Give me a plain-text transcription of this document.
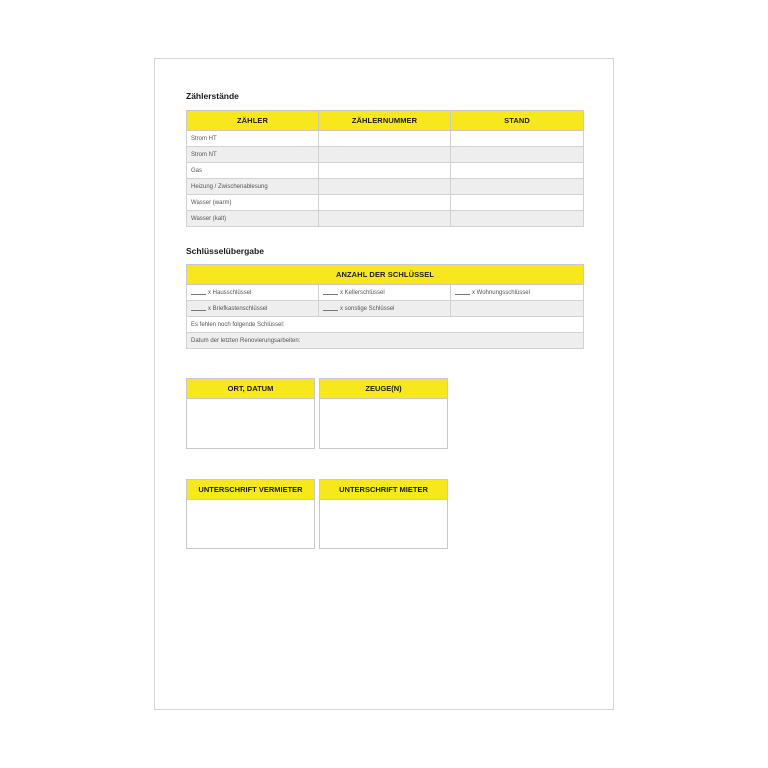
Zählerstände
ZÄHLER	ZÄHLERNUMMER	STAND
Strom HT		
Strom NT		
Gas		
Heizung / Zwischenablesung		
Wasser (warm)		
Wasser (kalt)		
Schlüsselübergabe
ANZAHL DER SCHLÜSSEL		
x Hausschlüssel	x Kellerschlüssel	x Wohnungsschlüssel
x Briefkastenschlüssel	x sonstige Schlüssel	
Es fehlen noch folgende Schlüssel:		
Datum der letzten Renovierungsarbeiten:		
ORT, DATUM	ZEUGE(N)
UNTERSCHRIFT VERMIETER	UNTERSCHRIFT MIETER
